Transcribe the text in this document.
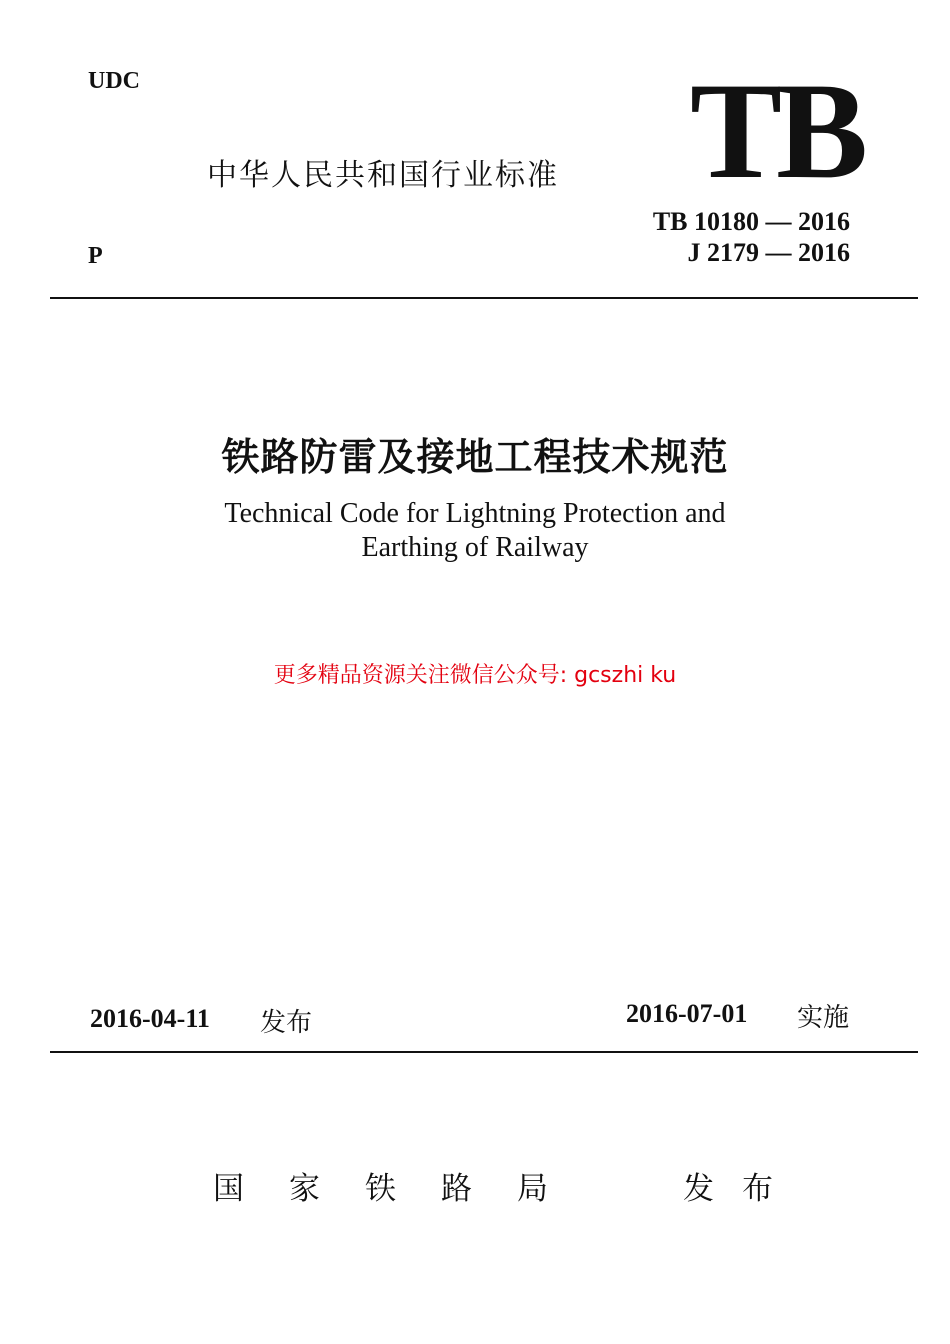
UDC
中华人民共和国行业标准 TB
P
TB 10180 — 2016
J 2179 — 2016
铁路防雷及接地工程技术规范
Technical Code for Lightning Protection and
Earthing of Railway
更多精品资源关注微信公众号: gcszhi ku
2016-04-11 发布	2016-07-01 实施
国家铁路局	发布
